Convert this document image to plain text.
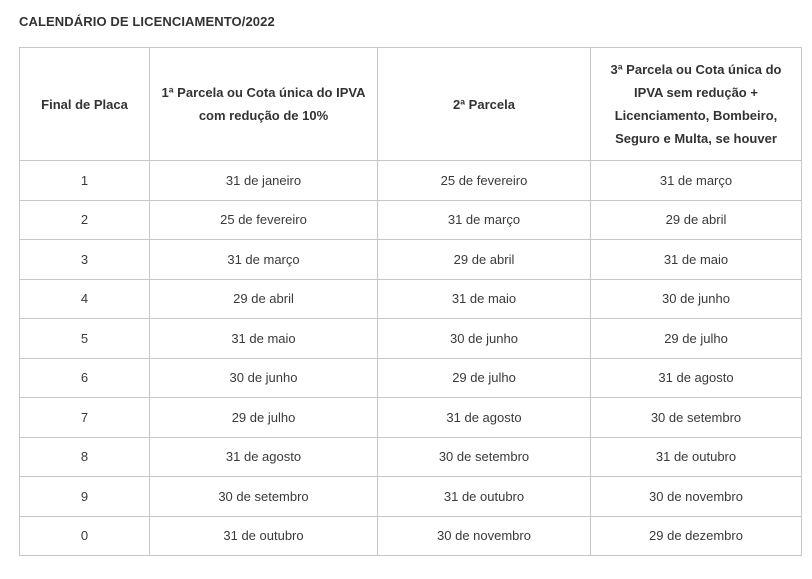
CALENDÁRIO DE LICENCIAMENTO/2022
Final de Placa	1ª Parcela ou Cota única do IPVA com redução de 10%	2ª Parcela	3ª Parcela ou Cota única do IPVA sem redução + Licenciamento, Bombeiro, Seguro e Multa, se houver
1	31 de janeiro	25 de fevereiro	31 de março
2	25 de fevereiro	31 de março	29 de abril
3	31 de março	29 de abril	31 de maio
4	29 de abril	31 de maio	30 de junho
5	31 de maio	30 de junho	29 de julho
6	30 de junho	29 de julho	31 de agosto
7	29 de julho	31 de agosto	30 de setembro
8	31 de agosto	30 de setembro	31 de outubro
9	30 de setembro	31 de outubro	30 de novembro
0	31 de outubro	30 de novembro	29 de dezembro
